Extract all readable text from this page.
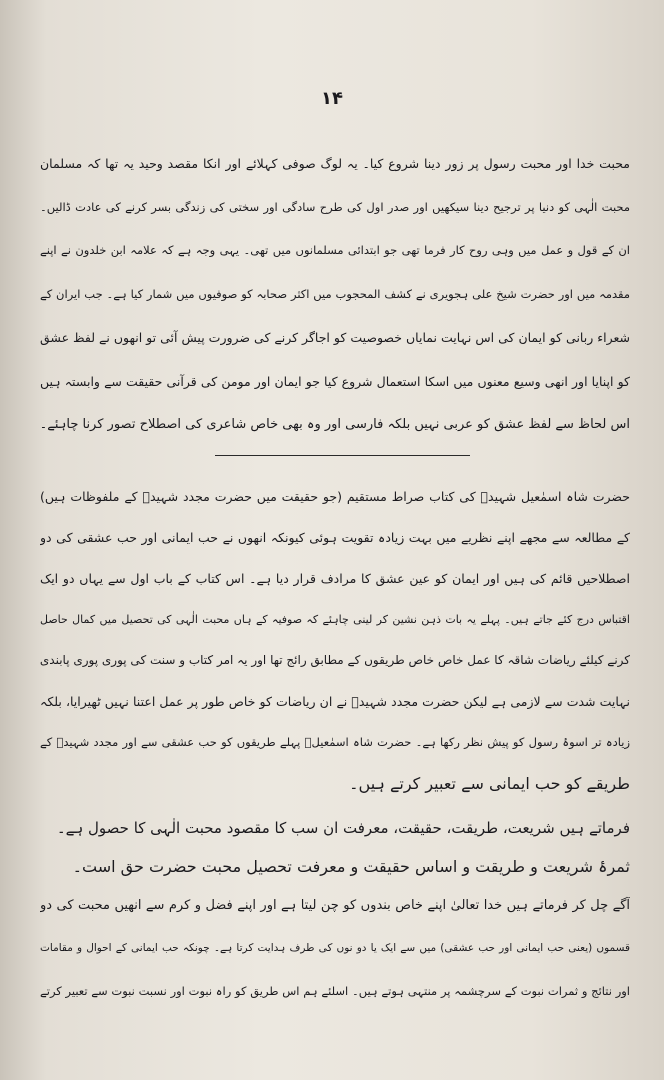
۱۴
محبت خدا اور محبت رسول پر زور دینا شروع کیا۔ یہ لوگ صوفی کہلائے اور انکا مقصد وحید یہ تھا کہ مسلمان
محبت الٰہی کو دنیا پر ترجیح دینا سیکھیں اور صدر اول کی طرح سادگی اور سختی کی زندگی بسر کرنے کی عادت ڈالیں۔
ان کے قول و عمل میں وہی روح کار فرما تھی جو ابتدائی مسلمانوں میں تھی۔ یہی وجہ ہے کہ علامہ ابن خلدون نے اپنے
مقدمہ میں اور حضرت شیخ علی ہجویری نے کشف المحجوب میں اکثر صحابہ کو صوفیوں میں شمار کیا ہے۔ جب ایران کے
شعراء ربانی کو ایمان کی اس نہایت نمایاں خصوصیت کو اجاگر کرنے کی ضرورت پیش آئی تو انھوں نے لفظ عشق
کو اپنایا اور انھی وسیع معنوں میں اسکا استعمال شروع کیا جو ایمان اور مومن کی قرآنی حقیقت سے وابستہ ہیں
اس لحاظ سے لفظ عشق کو عربی نہیں بلکہ فارسی اور وہ بھی خاص شاعری کی اصطلاح تصور کرنا چاہئے۔
حضرت شاہ اسمٰعیل شہیدؒ کی کتاب صراط مستقیم (جو حقیقت میں حضرت مجدد شہیدؒ کے ملفوظات ہیں)
کے مطالعہ سے مجھے اپنے نظریے میں بہت زیادہ تقویت ہوئی کیونکہ انھوں نے حب ایمانی اور حب عشقی کی دو
اصطلاحیں قائم کی ہیں اور ایمان کو عین عشق کا مرادف قرار دیا ہے۔ اس کتاب کے باب اول سے یہاں دو ایک
اقتباس درج کئے جاتے ہیں۔ پہلے یہ بات ذہن نشین کر لینی چاہئے کہ صوفیہ کے ہاں محبت الٰہی کی تحصیل میں کمال حاصل
کرنے کیلئے ریاضات شاقہ کا عمل خاص خاص طریقوں کے مطابق رائج تھا اور یہ امر کتاب و سنت کی پوری پوری پابندی
نہایت شدت سے لازمی ہے لیکن حضرت مجدد شہیدؒ نے ان ریاضات کو خاص طور پر عمل اعتنا نہیں ٹھیرایا، بلکہ
زیادہ تر اسوۂ رسول کو پیش نظر رکھا ہے۔ حضرت شاہ اسمٰعیلؒ پہلے طریقوں کو حب عشقی سے اور مجدد شہیدؒ کے
طریقے کو حب ایمانی سے تعبیر کرتے ہیں۔
فرماتے ہیں شریعت، طریقت، حقیقت، معرفت ان سب کا مقصود محبت الٰہی کا حصول ہے۔
ثمرۂ شریعت و طریقت و اساس حقیقت و معرفت تحصیل محبت حضرت حق است۔
آگے چل کر فرماتے ہیں خدا تعالیٰ اپنے خاص بندوں کو چن لیتا ہے اور اپنے فضل و کرم سے انھیں محبت کی دو
قسموں (یعنی حب ایمانی اور حب عشقی) میں سے ایک یا دو نوں کی طرف ہدایت کرتا ہے۔ چونکہ حب ایمانی کے احوال و مقامات
اور نتائج و ثمرات نبوت کے سرچشمہ پر منتہی ہوتے ہیں۔ اسلئے ہم اس طریق کو راہ نبوت اور نسبت نبوت سے تعبیر کرتے
